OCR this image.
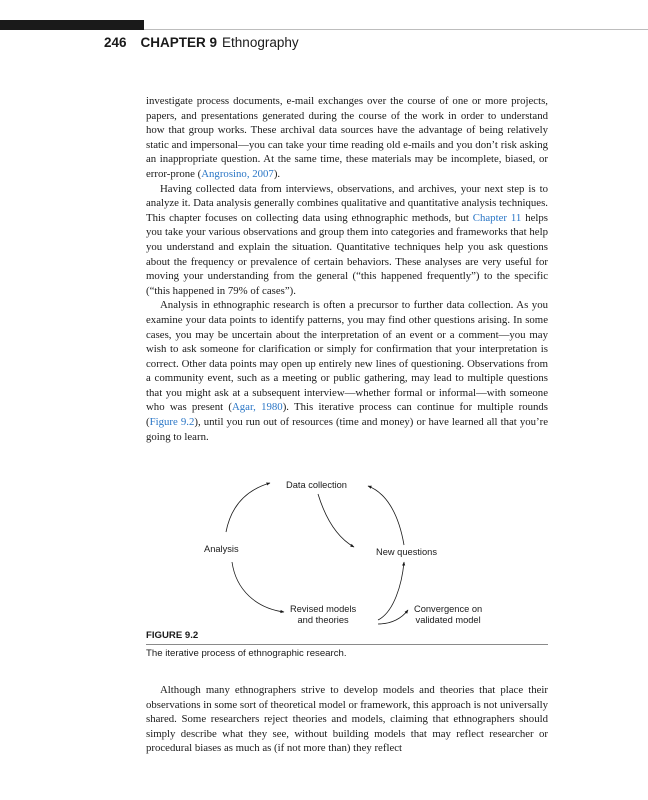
246 CHAPTER 9 Ethnography

investigate process documents, e-mail exchanges over the course of one or more projects, papers, and presentations generated during the course of the work in order to understand how that group works. These archival data sources have the advantage of being relatively static and impersonal—you can take your time reading old e-mails and you don’t risk asking an inappropriate question. At the same time, these materials may be incomplete, biased, or error-prone (Angrosino, 2007).

Having collected data from interviews, observations, and archives, your next step is to analyze it. Data analysis generally combines qualitative and quantitative analysis techniques. This chapter focuses on collecting data using ethnographic methods, but Chapter 11 helps you take your various observations and group them into categories and frameworks that help you understand and explain the situation. Quantitative techniques help you ask questions about the frequency or prevalence of certain behaviors. These analyses are very useful for moving your understanding from the general (“this happened frequently”) to the specific (“this happened in 79% of cases”).

Analysis in ethnographic research is often a precursor to further data collection. As you examine your data points to identify patterns, you may find other questions arising. In some cases, you may be uncertain about the interpretation of an event or a comment—you may wish to ask someone for clarification or simply for confirmation that your interpretation is correct. Other data points may open up entirely new lines of questioning. Observations from a community event, such as a meeting or public gathering, may lead to multiple questions that you might ask at a subsequent interview—whether formal or informal—with someone who was present (Agar, 1980). This iterative process can continue for multiple rounds (Figure 9.2), until you run out of resources (time and money) or have learned all that you’re going to learn.

Data collection
Analysis	New questions
Revised models
and theories
Convergence on
validated model
FIGURE 9.2
The iterative process of ethnographic research.

Although many ethnographers strive to develop models and theories that place their observations in some sort of theoretical model or framework, this approach is not universally shared. Some researchers reject theories and models, claiming that ethnographers should simply describe what they see, without building models that may reflect researcher or procedural biases as much as (if not more than) they reflect
